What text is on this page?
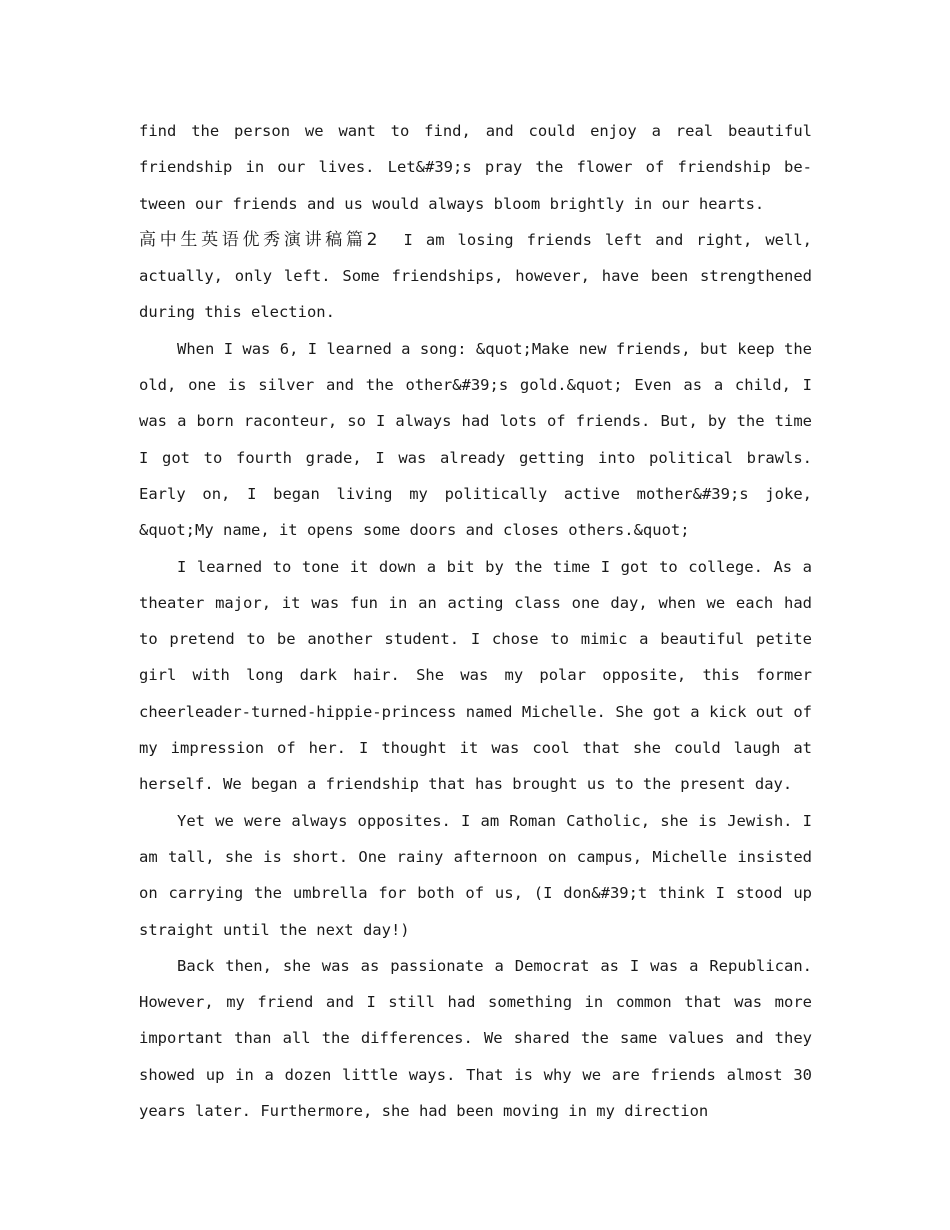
find the person we want to find, and could enjoy a real beautiful friendship in our lives. Let&#39;s pray the flower of friendship be- tween our friends and us would always bloom brightly in our hearts.

高中生英语优秀演讲稿篇2 I am losing friends left and right, well, actually, only left. Some friendships, however, have been strengthened during this election.

When I was 6, I learned a song: &quot;Make new friends, but keep the old, one is silver and the other&#39;s gold.&quot; Even as a child, I was a born raconteur, so I always had lots of friends. But, by the time I got to fourth grade, I was already getting into political brawls. Early on, I began living my politically active mother&#39;s joke, &quot;My name, it opens some doors and closes others.&quot;

I learned to tone it down a bit by the time I got to college. As a theater major, it was fun in an acting class one day, when we each had to pretend to be another student. I chose to mimic a beautiful petite girl with long dark hair. She was my polar opposite, this former cheerleader-turned-hippie-princess named Michelle. She got a kick out of my impression of her. I thought it was cool that she could laugh at herself. We began a friendship that has brought us to the present day.

Yet we were always opposites. I am Roman Catholic, she is Jewish. I am tall, she is short. One rainy afternoon on campus, Michelle insisted on carrying the umbrella for both of us, (I don&#39;t think I stood up straight until the next day!)

Back then, she was as passionate a Democrat as I was a Republican. However, my friend and I still had something in common that was more important than all the differences. We shared the same values and they showed up in a dozen little ways. That is why we are friends almost 30 years later. Furthermore, she had been moving in my direction
